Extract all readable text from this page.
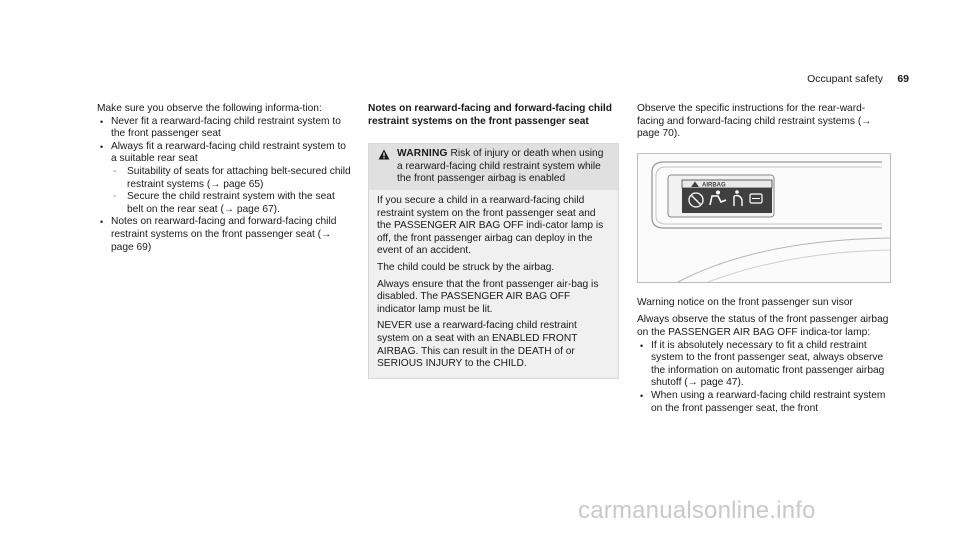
Occupant safety 69

Make sure you observe the following informa-tion:

• Never fit a rearward-facing child restraint system to the front passenger seat

• Always fit a rearward-facing child restraint system to a suitable rear seat

- Suitability of seats for attaching belt-secured child restraint systems (→ page 65)

- Secure the child restraint system with the seat belt on the rear seat (→ page 67).

• Notes on rearward-facing and forward-facing child restraint systems on the front passenger seat (→ page 69)

Notes on rearward-facing and forward-facing child restraint systems on the front passenger seat

WARNING Risk of injury or death when using a rearward-facing child restraint system while the front passenger airbag is enabled

If you secure a child in a rearward-facing child restraint system on the front passenger seat and the PASSENGER AIR BAG OFF indi-cator lamp is off, the front passenger airbag can deploy in the event of an accident.

The child could be struck by the airbag.

Always ensure that the front passenger air-bag is disabled. The PASSENGER AIR BAG OFF indicator lamp must be lit.

NEVER use a rearward-facing child restraint system on a seat with an ENABLED FRONT AIRBAG. This can result in the DEATH of or SERIOUS INJURY to the CHILD.

Observe the specific instructions for the rear-ward-facing and forward-facing child restraint systems (→ page 70).

AIRBAG

Warning notice on the front passenger sun visor

Always observe the status of the front passenger airbag on the PASSENGER AIR BAG OFF indica-tor lamp:

• If it is absolutely necessary to fit a child restraint system to the front passenger seat, always observe the information on automatic front passenger airbag shutoff (→ page 47).

• When using a rearward-facing child restraint system on the front passenger seat, the front

carmanualsonline.info
